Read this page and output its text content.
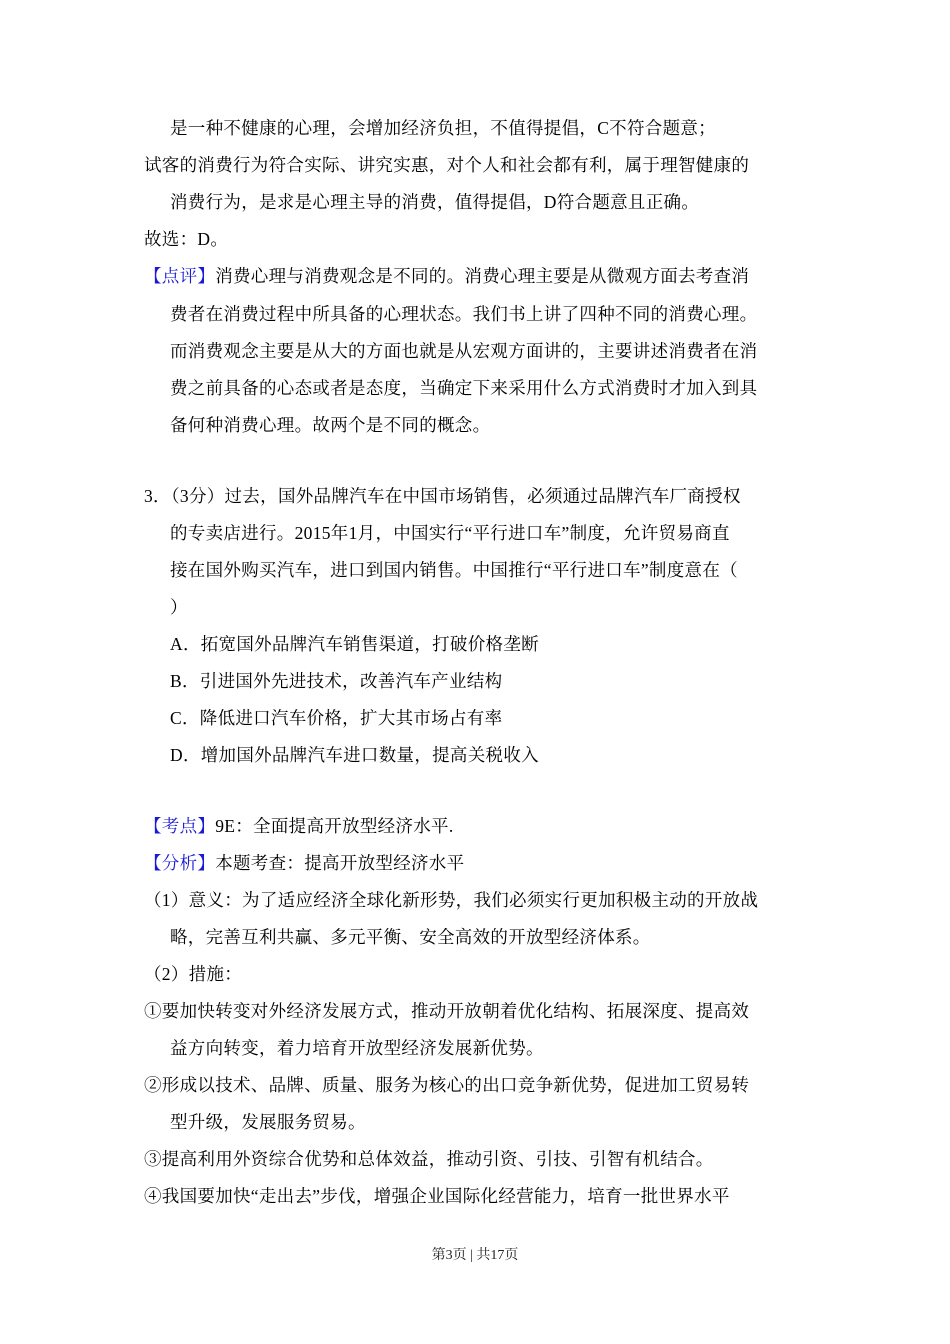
是一种不健康的心理，会增加经济负担，不值得提倡，C不符合题意；
试客的消费行为符合实际、讲究实惠，对个人和社会都有利，属于理智健康的
消费行为，是求是心理主导的消费，值得提倡，D符合题意且正确。
故选：D。
【点评】消费心理与消费观念是不同的。消费心理主要是从微观方面去考查消
费者在消费过程中所具备的心理状态。我们书上讲了四种不同的消费心理。
而消费观念主要是从大的方面也就是从宏观方面讲的，主要讲述消费者在消
费之前具备的心态或者是态度，当确定下来采用什么方式消费时才加入到具
备何种消费心理。故两个是不同的概念。
3．（3分）过去，国外品牌汽车在中国市场销售，必须通过品牌汽车厂商授权
的专卖店进行。2015年1月，中国实行“平行进口车”制度，允许贸易商直
接在国外购买汽车，进口到国内销售。中国推行“平行进口车”制度意在（
）
A．拓宽国外品牌汽车销售渠道，打破价格垄断
B．引进国外先进技术，改善汽车产业结构
C．降低进口汽车价格，扩大其市场占有率
D．增加国外品牌汽车进口数量，提高关税收入
【考点】9E：全面提高开放型经济水平.
【分析】本题考查：提高开放型经济水平
（1）意义：为了适应经济全球化新形势，我们必须实行更加积极主动的开放战
略，完善互利共赢、多元平衡、安全高效的开放型经济体系。
（2）措施：
①要加快转变对外经济发展方式，推动开放朝着优化结构、拓展深度、提高效
益方向转变，着力培育开放型经济发展新优势。
②形成以技术、品牌、质量、服务为核心的出口竞争新优势，促进加工贸易转
型升级，发展服务贸易。
③提高利用外资综合优势和总体效益，推动引资、引技、引智有机结合。
④我国要加快“走出去”步伐，增强企业国际化经营能力，培育一批世界水平
第3页 | 共17页
